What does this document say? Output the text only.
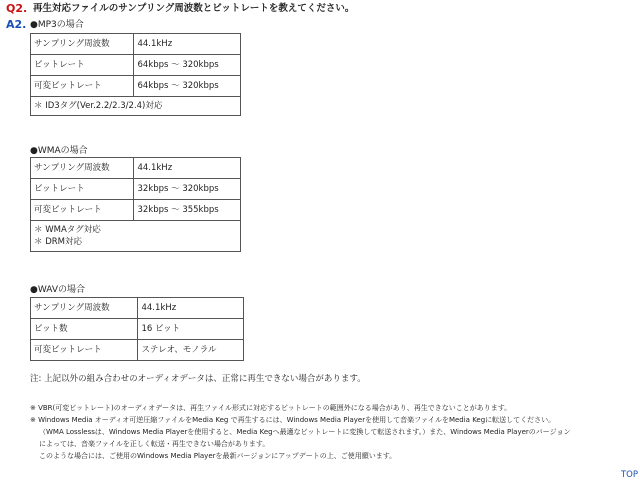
Q2. 再生対応ファイルのサンプリング周波数とビットレートを教えてください。
A2. ●MP3の場合
サンプリング周波数	44.1kHz
ビットレート	64kbps 〜 320kbps
可変ビットレート	64kbps 〜 320kbps

＊ ID3タグ(Ver.2.2/2.3/2.4)対応	
●WMAの場合
サンプリング周波数	44.1kHz
ビットレート	32kbps 〜 320kbps
可変ビットレート	32kbps 〜 355kbps

＊ WMAタグ対応
＊ DRM対応	
●WAVの場合
サンプリング周波数	44.1kHz
ビット数	16 ビット
可変ビットレート	ステレオ、モノラル
注: 上記以外の組み合わせのオーディオデータは、正常に再生できない場合があります。
※ VBR(可変ビットレート)のオーディオデータは、再生ファイル形式に対応するビットレートの範囲外になる場合があり、再生できないことがあります。
※ Windows Media オーディオ可逆圧縮ファイルをMedia Keg で再生するには、Windows Media Playerを使用して音楽ファイルをMedia Kegに転送してください。
（WMA Losslessは、Windows Media Playerを使用すると、Media Kegへ最適なビットレートに変換して転送されます。）また、Windows Media Playerのバージョン
によっては、音楽ファイルを正しく転送・再生できない場合があります。
このような場合には、ご使用のWindows Media Playerを最新バージョンにアップデートの上、ご使用願います。
TOP
